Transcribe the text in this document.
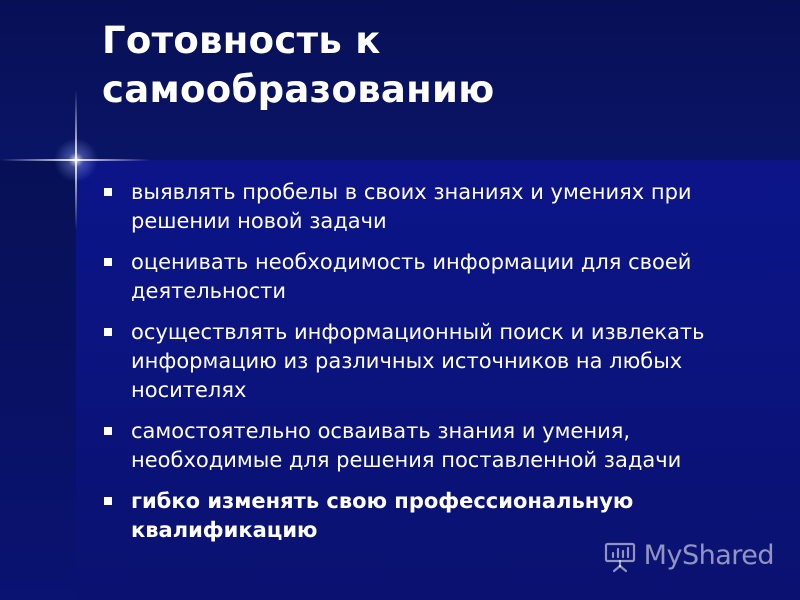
Готовность к самообразованию
выявлять пробелы в своих знаниях и умениях при решении новой задачи
оценивать необходимость информации для своей деятельности
осуществлять информационный поиск и извлекать информацию из различных источников на любых носителях
самостоятельно осваивать знания и умения, необходимые для решения поставленной задачи
гибко изменять свою профессиональную квалификацию
MyShared
